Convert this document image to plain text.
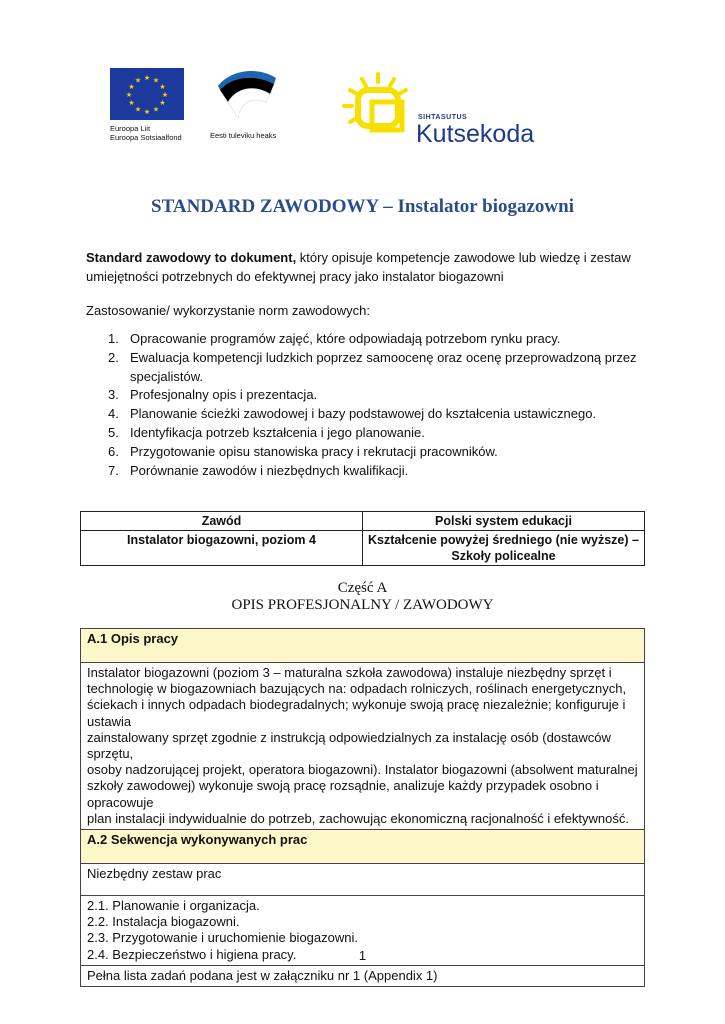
★ ★
★
★
★
★
★
★
★
★
★
★
Euroopa Liit
Euroopa Sotsiaalfond	Eesti tuleviku heaks
SIHTASUTUS
Kutsekoda
STANDARD ZAWODOWY – Instalator biogazowni
Standard zawodowy to dokument, który opisuje kompetencje zawodowe lub wiedzę i zestaw
umiejętności potrzebnych do efektywnej pracy jako instalator biogazowni
Zastosowanie/ wykorzystanie norm zawodowych:
1. Opracowanie programów zajęć, które odpowiadają potrzebom rynku pracy.
2. Ewaluacja kompetencji ludzkich poprzez samoocenę oraz ocenę przeprowadzoną przez
specjalistów.
3. Profesjonalny opis i prezentacja.
4. Planowanie ścieżki zawodowej i bazy podstawowej do kształcenia ustawicznego.
5. Identyfikacja potrzeb kształcenia i jego planowanie.
6. Przygotowanie opisu stanowiska pracy i rekrutacji pracowników.
7. Porównanie zawodów i niezbędnych kwalifikacji.
Zawód	Polski system edukacji
Instalator biogazowni, poziom 4	Kształcenie powyżej średniego (nie wyższe) –
Szkoły policealne
Część A
OPIS PROFESJONALNY / ZAWODOWY
A.1 Opis pracy

Instalator biogazowni (poziom 3 – maturalna szkoła zawodowa) instaluje niezbędny sprzęt i
technologię w biogazowniach bazujących na: odpadach rolniczych, roślinach energetycznych,
ściekach i innych odpadach biodegradalnych; wykonuje swoją pracę niezależnie; konfiguruje i ustawia
zainstalowany sprzęt zgodnie z instrukcją odpowiedzialnych za instalację osób (dostawców sprzętu,
osoby nadzorującej projekt, operatora biogazowni). Instalator biogazowni (absolwent maturalnej
szkoły zawodowej) wykonuje swoją pracę rozsądnie, analizuje każdy przypadek osobno i opracowuje
plan instalacji indywidualnie do potrzeb, zachowując ekonomiczną racjonalność i efektywność.

A.2 Sekwencja wykonywanych prac
Niezbędny zestaw prac

2.1. Planowanie i organizacja.
2.2. Instalacja biogazowni.
2.3. Przygotowanie i uruchomienie biogazowni.
2.4. Bezpieczeństwo i higiena pracy.

Pełna lista zadań podana jest w załączniku nr 1 (Appendix 1)
1
